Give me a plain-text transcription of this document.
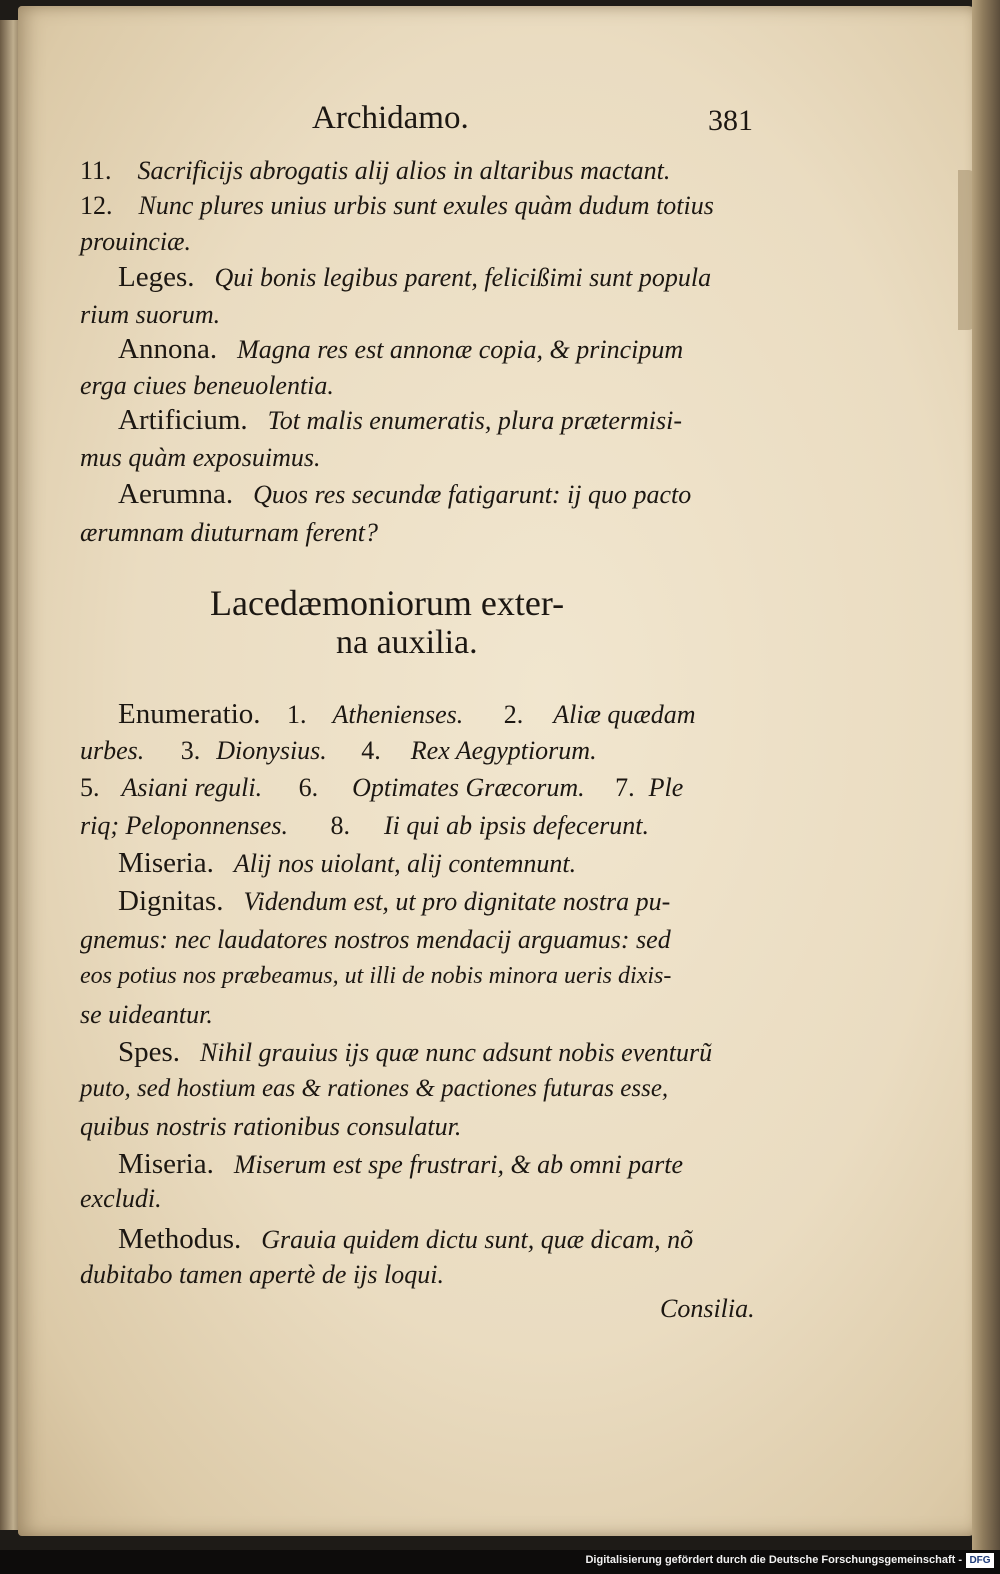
Archidamo.	381

11. Sacrificijs abrogatis alij alios in altaribus mactant.

12. Nunc plures unius urbis sunt exules quàm dudum totius

prouinciæ.

Leges. Qui bonis legibus parent, felicißimi sunt popula

rium suorum.

Annona. Magna res est annonæ copia, & principum

erga ciues beneuolentia.

Artificium. Tot malis enumeratis, plura prætermisi-

mus quàm exposuimus.

Aerumna. Quos res secundæ fatigarunt: ij quo pacto

ærumnam diuturnam ferent?

Lacedæmoniorum exter-

na auxilia.

Enumeratio. 1. Athenienses. 2. Aliæ quædam

urbes. 3. Dionysius. 4. Rex Aegyptiorum.

5. Asiani reguli. 6. Optimates Græcorum. 7. Ple

riq; Peloponnenses. 8. Ii qui ab ipsis defecerunt.

Miseria. Alij nos uiolant, alij contemnunt.

Dignitas. Videndum est, ut pro dignitate nostra pu-

gnemus: nec laudatores nostros mendacij arguamus: sed

eos potius nos præbeamus, ut illi de nobis minora ueris dixis-

se uideantur.

Spes. Nihil grauius ijs quæ nunc adsunt nobis eventurũ

puto, sed hostium eas & rationes & pactiones futuras esse,

quibus nostris rationibus consulatur.

Miseria. Miserum est spe frustrari, & ab omni parte

excludi.

Methodus. Grauia quidem dictu sunt, quæ dicam, nõ

dubitabo tamen apertè de ijs loqui.

Consilia.

Digitalisierung gefördert durch die Deutsche Forschungsgemeinschaft - DFG
